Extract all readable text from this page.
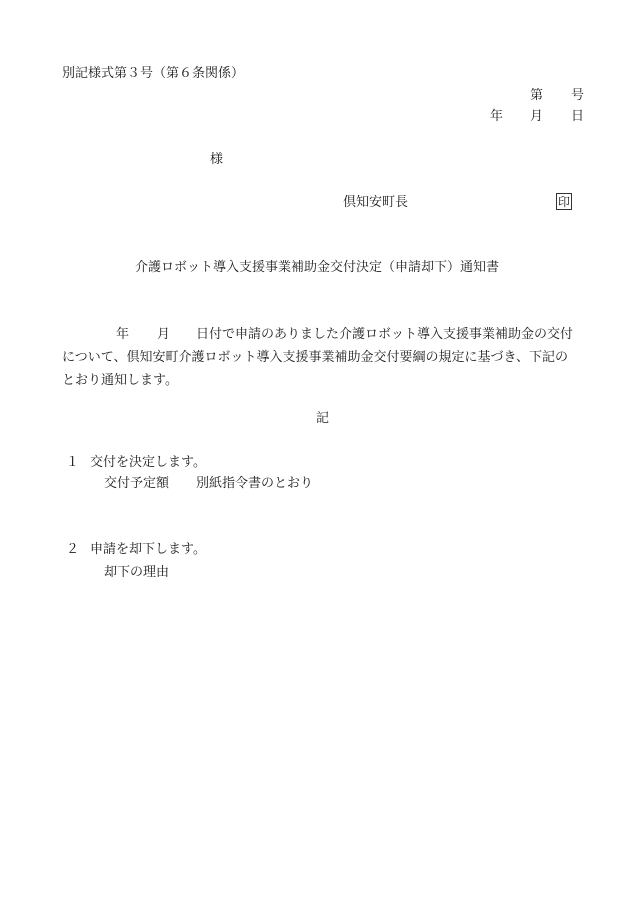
別記様式第３号（第６条関係）
第 号
年 月 日
様
倶知安町長	印
介護ロボット導入支援事業補助金交付決定（申請却下）通知書
年 月 日付で申請のありました介護ロボット導入支援事業補助金の交付
について、倶知安町介護ロボット導入支援事業補助金交付要綱の規定に基づき、下記の
とおり通知します。
記
１ 交付を決定します。
交付予定額 別紙指令書のとおり
２ 申請を却下します。
却下の理由
